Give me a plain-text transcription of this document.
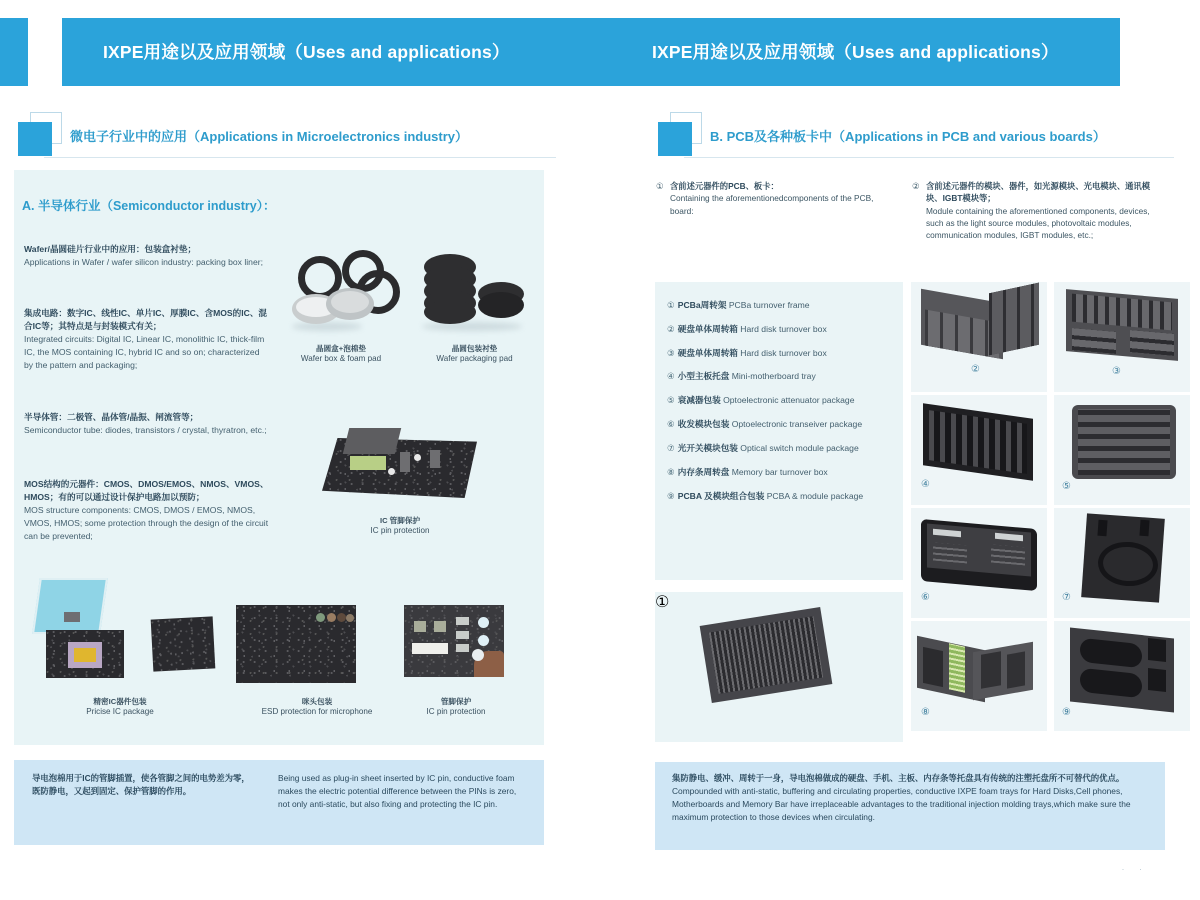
IXPE用途以及应用领域（Uses and applications）	IXPE用途以及应用领域（Uses and applications）
微电子行业中的应用（Applications in Microelectronics industry）	B. PCB及各种板卡中（Applications in PCB and various boards）
A. 半导体行业（Semiconductor industry）：
Wafer/晶圆硅片行业中的应用：包装盒衬垫；
Applications in Wafer / wafer silicon industry: packing box liner;
集成电路：数字IC、线性IC、单片IC、厚膜IC、含MOS的IC、混合IC等；其特点是与封装模式有关；
Integrated circuits: Digital IC, Linear IC, monolithic IC, thick-film IC, the MOS containing IC, hybrid IC and so on; characterized by the pattern and packaging;
半导体管：二极管、晶体管/晶振、闸流管等；
Semiconductor tube: diodes, transistors / crystal, thyratron, etc.;
MOS结构的元器件：CMOS、DMOS/EMOS、NMOS、VMOS、HMOS；有的可以通过设计保护电路加以预防；
MOS structure components: CMOS, DMOS / EMOS, NMOS, VMOS, HMOS; some protection through the design of the circuit can be prevented;
晶圆盒+泡棉垫
Wafer box & foam pad
晶圆包装衬垫
Wafer packaging pad
IC 管脚保护
IC pin protection
精密IC器件包装
Pricise IC package
咪头包装
ESD protection for microphone
管脚保护
IC pin protection
导电泡棉用于IC的管脚插置，使各管脚之间的电势差为零，既防静电，又起到固定、保护管脚的作用。
Being used as plug-in sheet inserted by IC pin, conductive foam makes the electric potential difference between the PINs is zero, not only anti-static, but also fixing and protecting the IC pin.
① 含前述元器件的PCB、板卡：
Containing the aforementionedcomponents of the PCB, board:
② 含前述元器件的模块、器件，如光源模块、光电模块、通讯模块、IGBT模块等；
Module containing the aforementioned components, devices, such as the light source modules, photovoltaic modules, communication modules, IGBT modules, etc.;
① PCBa周转架 PCBa turnover frame
② 硬盘单体周转箱 Hard disk turnover box
③ 硬盘单体周转箱 Hard disk turnover box
④ 小型主板托盘 Mini-motherboard tray
⑤ 衰减器包装 Optoelectronic attenuator package
⑥ 收发模块包装 Optoelectronic transeiver package
⑦ 光开关模块包装 Optical switch module package
⑧ 内存条周转盘 Memory bar turnover box
⑨ PCBA 及模块组合包装 PCBA & module package
①
②	③
④	⑤
⑥	⑦
⑧	⑨
集防静电、缓冲、周转于一身，导电泡棉做成的硬盘、手机、主板、内存条等托盘具有传统的注塑托盘所不可替代的优点。
Compounded with anti-static, buffering and circulating properties, conductive IXPE foam trays for Hard Disks,Cell phones, Motherboards and Memory Bar have irreplaceable advantages to the traditional injection molding trays,which make sure the maximum protection to those devices when circulating.
· ·
